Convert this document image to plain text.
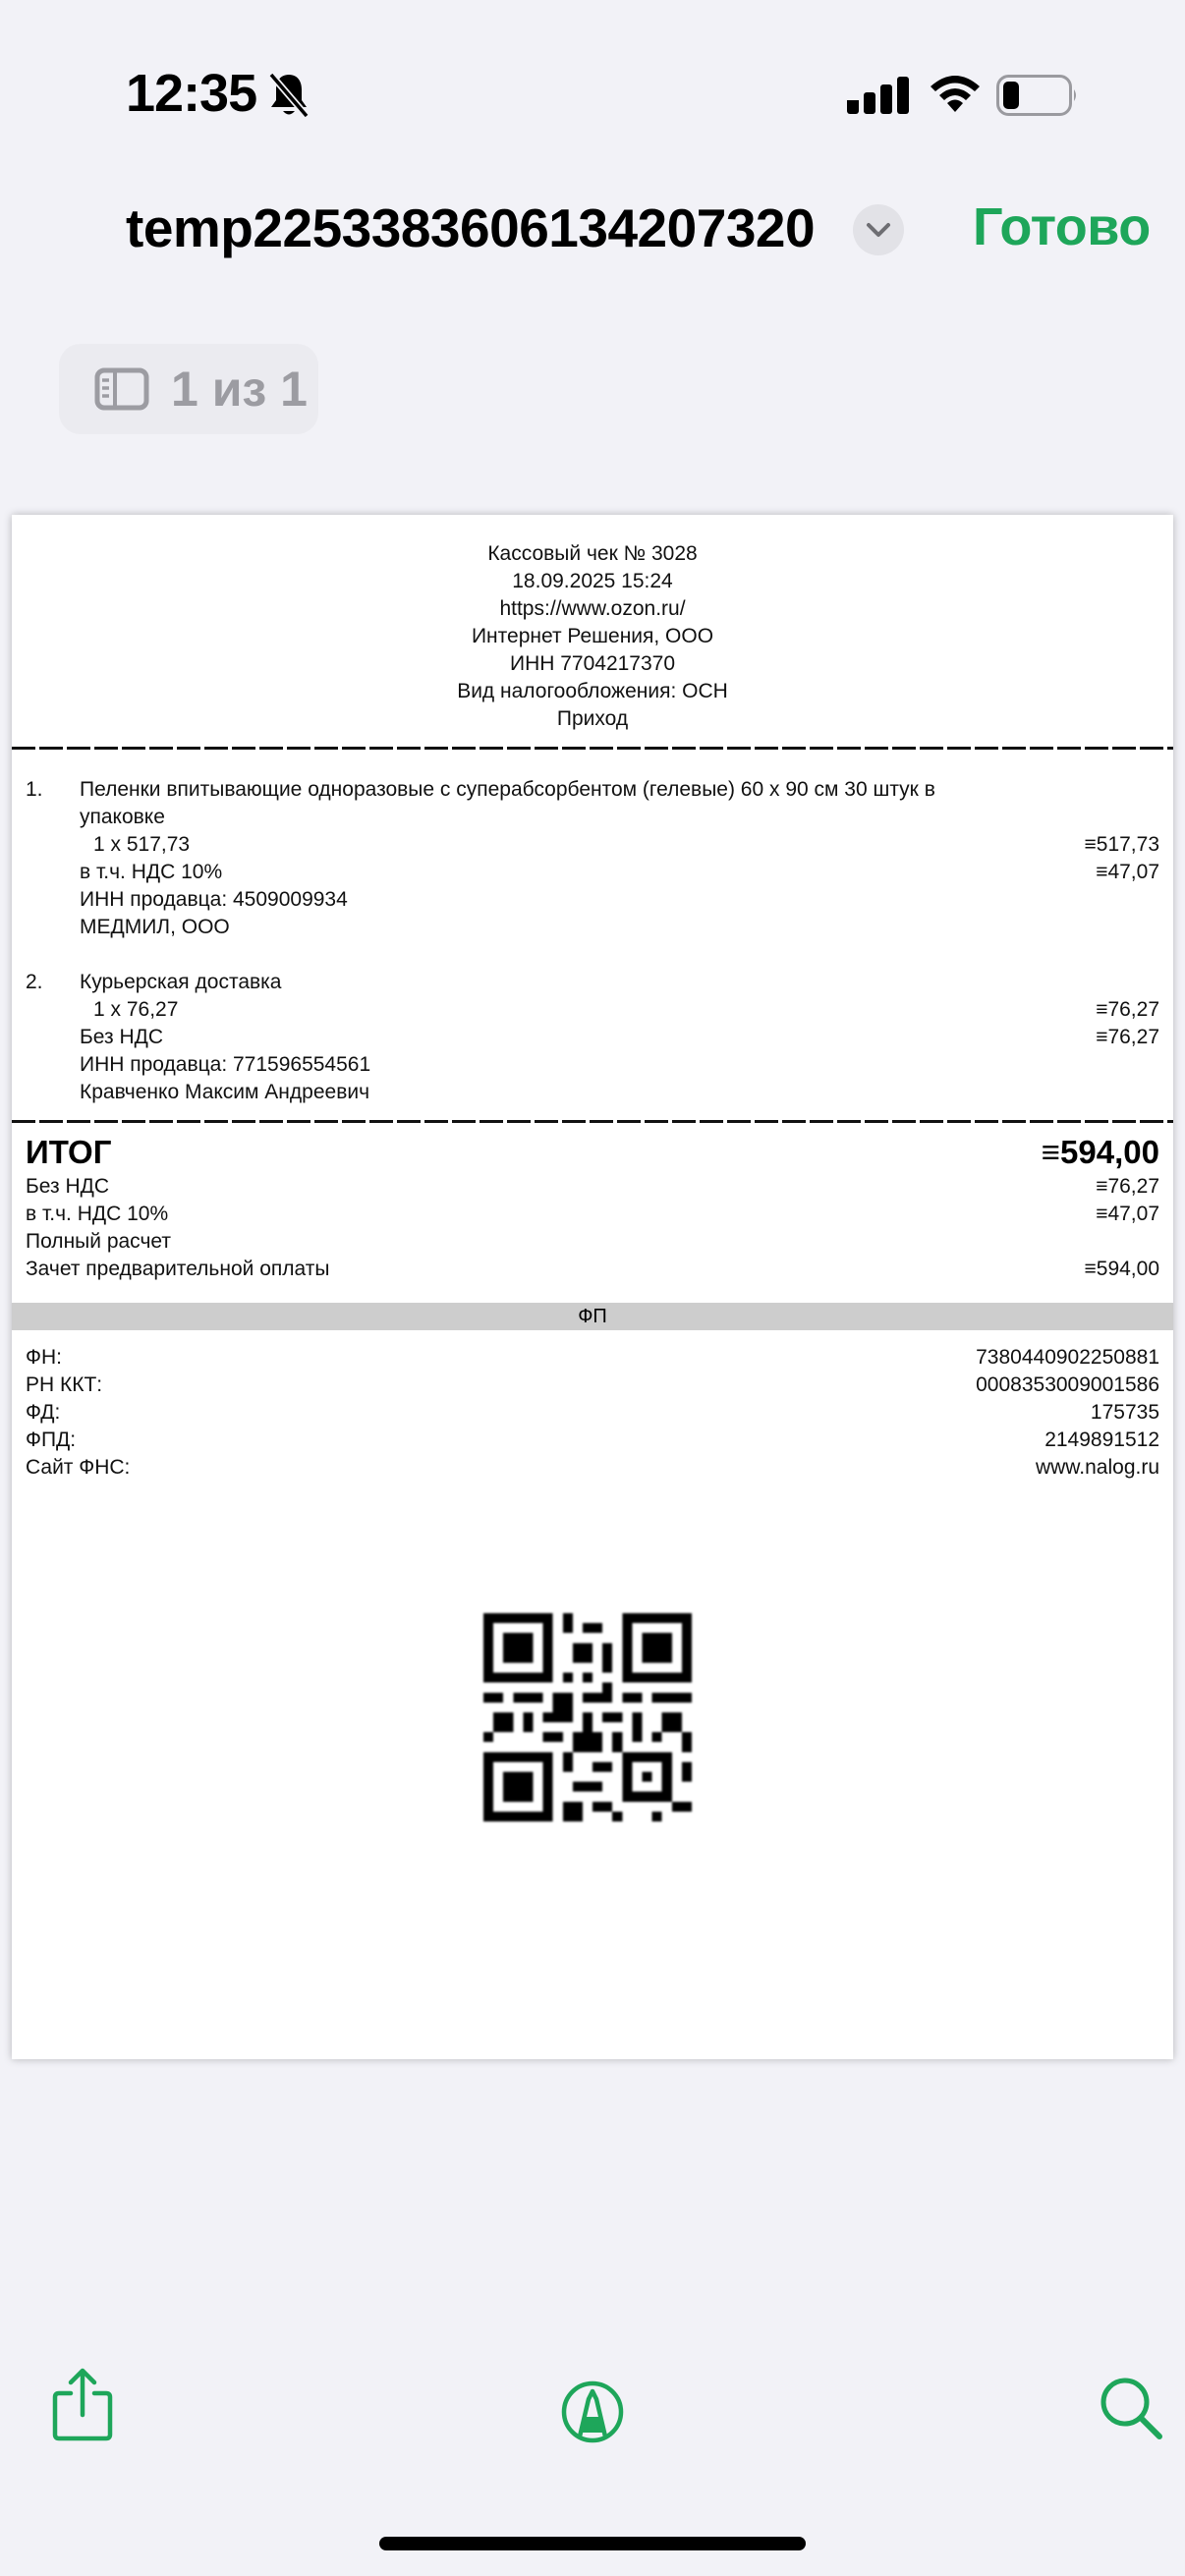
12:35
temp2253383606134207320	Готово
1 из 1
Кассовый чек № 3028
18.09.2025 15:24
https://www.ozon.ru/
Интернет Решения, ООО
ИНН 7704217370
Вид налогообложения: ОСН
Приход
1. Пеленки впитывающие одноразовые с суперабсорбентом (гелевые) 60 х 90 см 30 штук в
упаковке
1 x 517,73	≡517,73
в т.ч. НДС 10%	≡47,07
ИНН продавца: 4509009934
МЕДМИЛ, ООО
2. Курьерская доставка
1 x 76,27	≡76,27
Без НДС	≡76,27
ИНН продавца: 771596554561
Кравченко Максим Андреевич
ИТОГ	≡594,00
Без НДС	≡76,27
в т.ч. НДС 10%	≡47,07
Полный расчет
Зачет предварительной оплаты	≡594,00
ФП
ФН:	7380440902250881
РН ККТ:	0008353009001586
ФД:	175735
ФПД:	2149891512
Сайт ФНС:	www.nalog.ru
